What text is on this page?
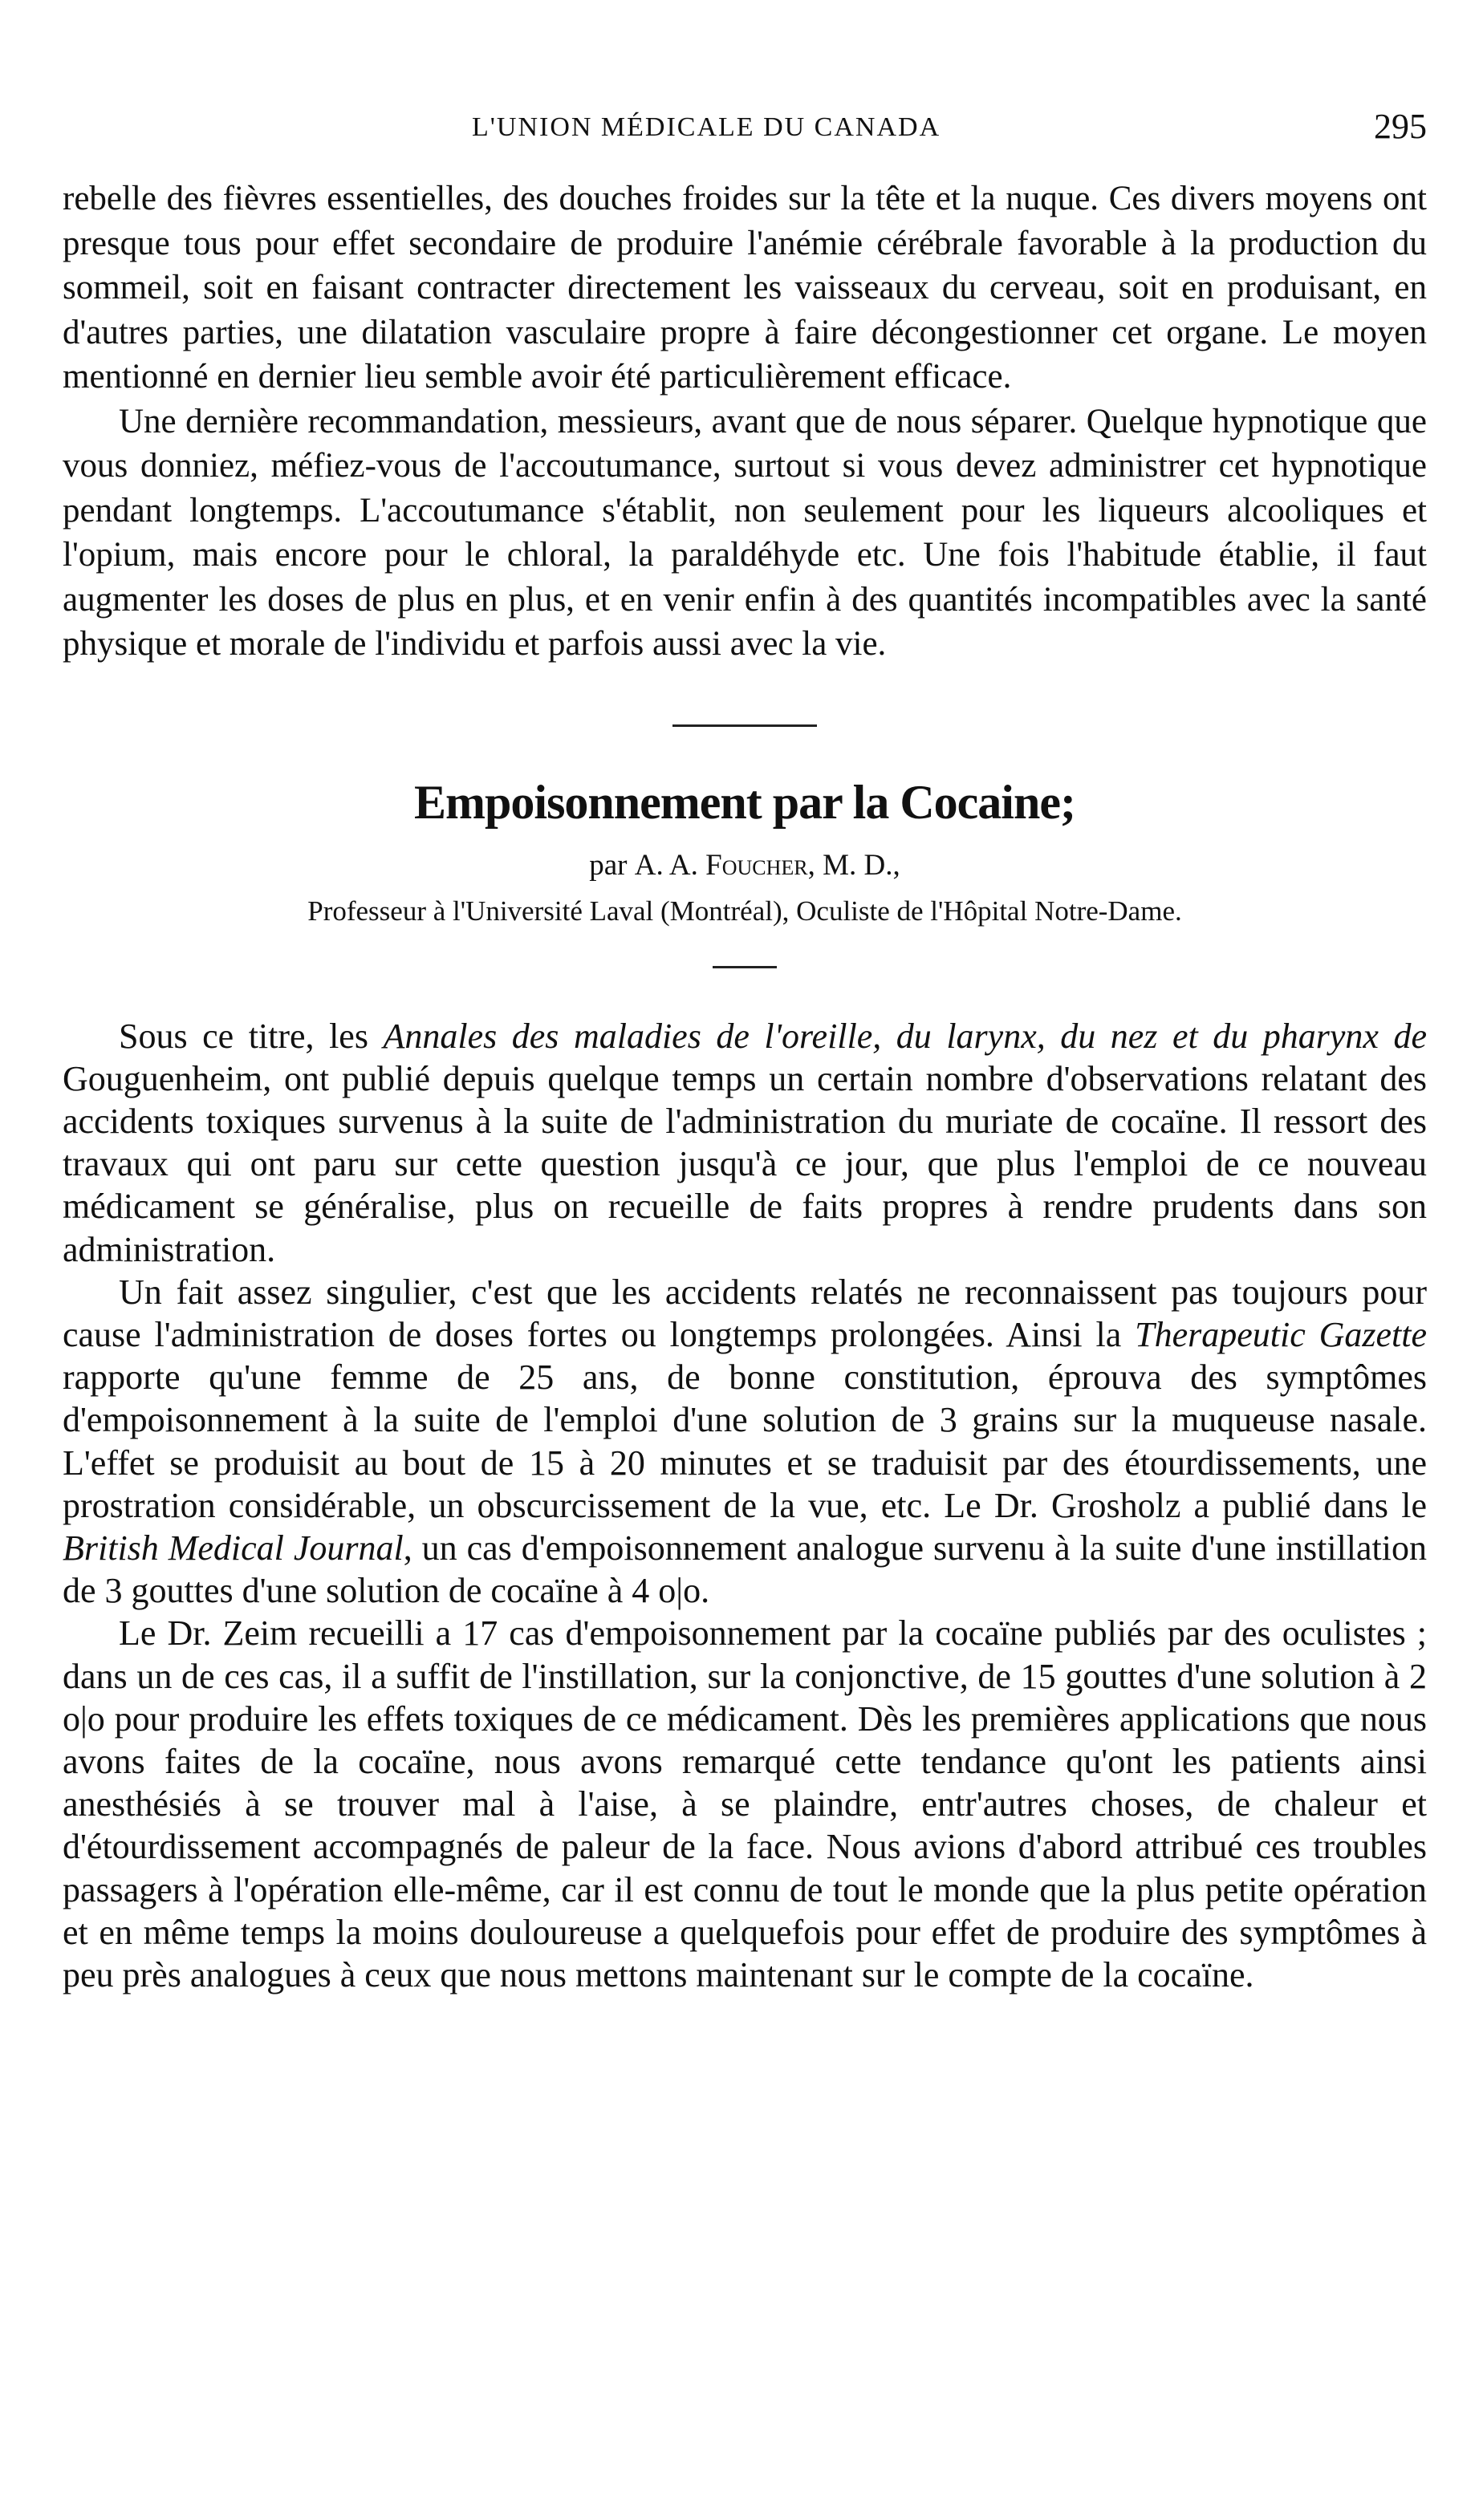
L'UNION MÉDICALE DU CANADA	295

rebelle des fièvres essentielles, des douches froides sur la tête et la nuque. Ces divers moyens ont presque tous pour effet secondaire de produire l'anémie cérébrale favorable à la production du sommeil, soit en faisant contracter directement les vaisseaux du cerveau, soit en produisant, en d'autres parties, une dilatation vasculaire propre à faire décongestionner cet organe. Le moyen mentionné en dernier lieu semble avoir été particulièrement efficace.

Une dernière recommandation, messieurs, avant que de nous séparer. Quelque hypnotique que vous donniez, méfiez-vous de l'accoutumance, surtout si vous devez administrer cet hypnotique pendant longtemps. L'accoutumance s'établit, non seulement pour les liqueurs alcooliques et l'opium, mais encore pour le chloral, la paraldéhyde etc. Une fois l'habitude établie, il faut augmenter les doses de plus en plus, et en venir enfin à des quantités incompatibles avec la santé physique et morale de l'individu et parfois aussi avec la vie.

Empoisonnement par la Cocaine;
par A. A. Foucher, M. D.,
Professeur à l'Université Laval (Montréal), Oculiste de l'Hôpital Notre-Dame.

Sous ce titre, les Annales des maladies de l'oreille, du larynx, du nez et du pharynx de Gouguenheim, ont publié depuis quelque temps un certain nombre d'observations relatant des accidents toxiques survenus à la suite de l'administration du muriate de cocaïne. Il ressort des travaux qui ont paru sur cette question jusqu'à ce jour, que plus l'emploi de ce nouveau médicament se généralise, plus on recueille de faits propres à rendre prudents dans son administration.

Un fait assez singulier, c'est que les accidents relatés ne reconnaissent pas toujours pour cause l'administration de doses fortes ou longtemps prolongées. Ainsi la Therapeutic Gazette rapporte qu'une femme de 25 ans, de bonne constitution, éprouva des symptômes d'empoisonnement à la suite de l'emploi d'une solution de 3 grains sur la muqueuse nasale. L'effet se produisit au bout de 15 à 20 minutes et se traduisit par des étourdissements, une prostration considérable, un obscurcissement de la vue, etc. Le Dr. Grosholz a publié dans le British Medical Journal, un cas d'empoisonnement analogue survenu à la suite d'une instillation de 3 gouttes d'une solution de cocaïne à 4 o|o.

Le Dr. Zeim recueilli a 17 cas d'empoisonnement par la cocaïne publiés par des oculistes ; dans un de ces cas, il a suffit de l'instillation, sur la conjonctive, de 15 gouttes d'une solution à 2 o|o pour produire les effets toxiques de ce médicament. Dès les premières applications que nous avons faites de la cocaïne, nous avons remarqué cette tendance qu'ont les patients ainsi anesthésiés à se trouver mal à l'aise, à se plaindre, entr'autres choses, de chaleur et d'étourdissement accompagnés de paleur de la face. Nous avions d'abord attribué ces troubles passagers à l'opération elle-même, car il est connu de tout le monde que la plus petite opération et en même temps la moins douloureuse a quelquefois pour effet de produire des symptômes à peu près analogues à ceux que nous mettons maintenant sur le compte de la cocaïne.
